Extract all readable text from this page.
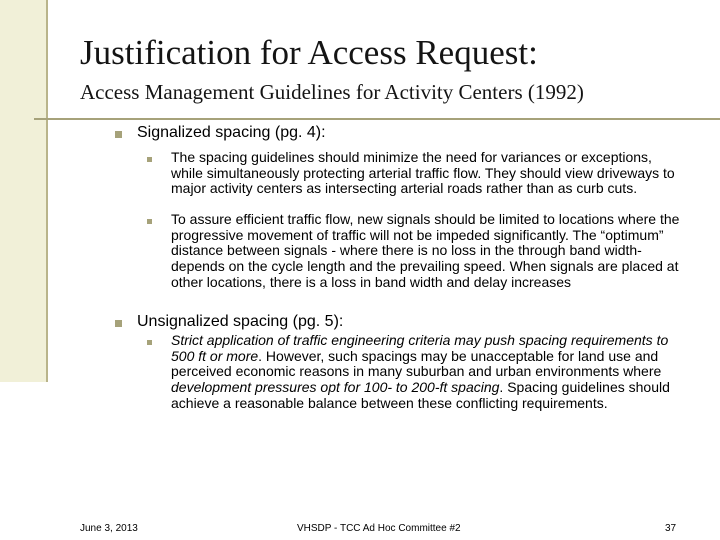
Justification for Access Request:
Access Management Guidelines for Activity Centers (1992)
Signalized spacing (pg. 4):
The spacing guidelines should minimize the need for variances or exceptions, while simultaneously protecting arterial traffic flow. They should view driveways to major activity centers as intersecting arterial roads rather than as curb cuts.
To assure efficient traffic flow, new signals should be limited to locations where the progressive movement of traffic will not be impeded significantly. The “optimum” distance between signals - where there is no loss in the through band width-depends on the cycle length and the prevailing speed. When signals are placed at other locations, there is a loss in band width and delay increases
Unsignalized spacing (pg. 5):
Strict application of traffic engineering criteria may push spacing requirements to 500 ft or more. However, such spacings may be unacceptable for land use and perceived economic reasons in many suburban and urban environments where development pressures opt for 100- to 200-ft spacing. Spacing guidelines should achieve a reasonable balance between these conflicting requirements.
June 3, 2013	VHSDP - TCC Ad Hoc Committee #2	37
